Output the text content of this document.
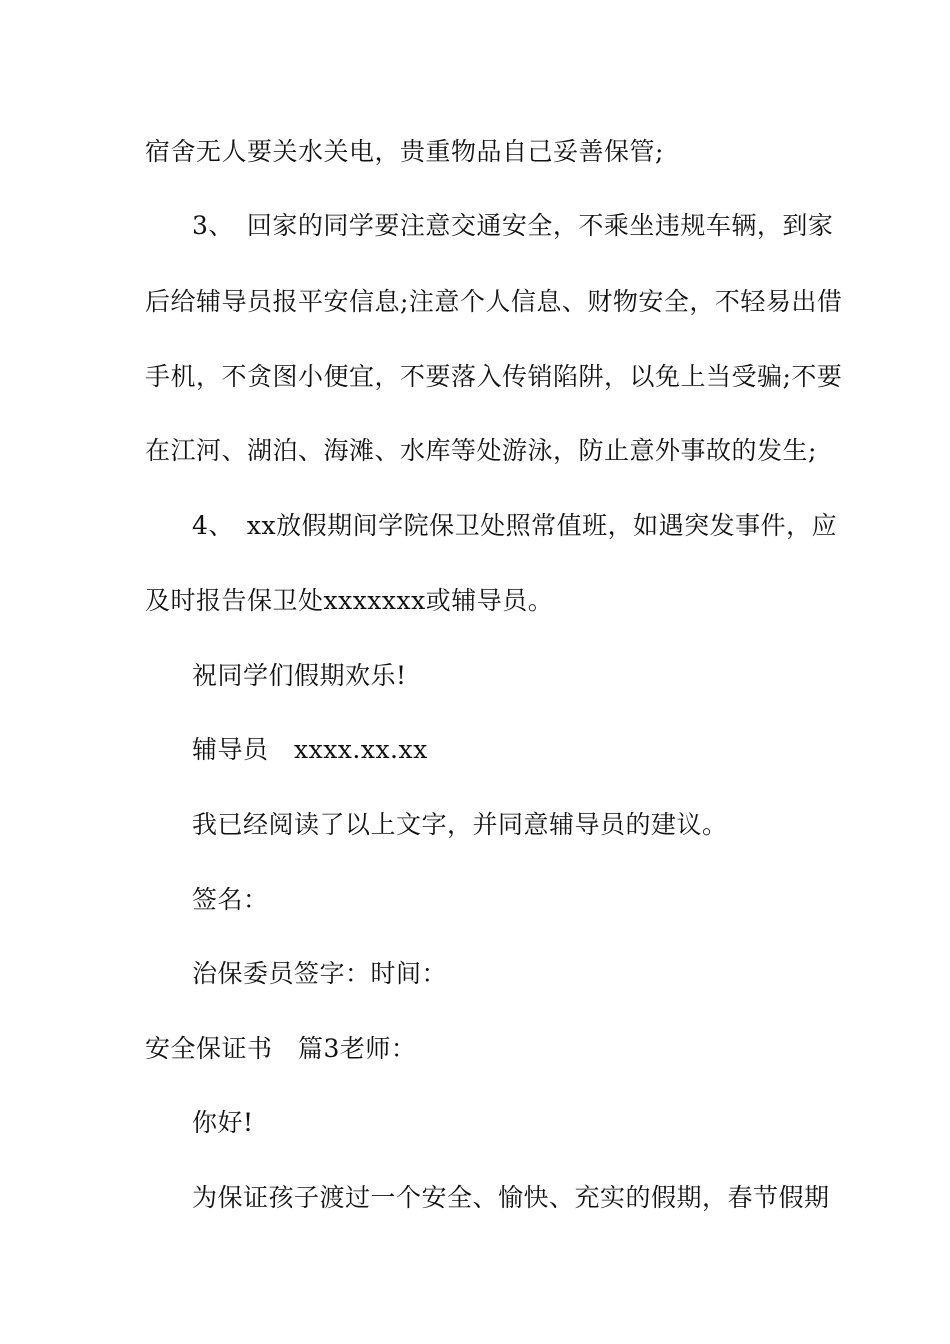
宿舍无人要关水关电，贵重物品自己妥善保管;
3、　回家的同学要注意交通安全，不乘坐违规车辆，到家
后给辅导员报平安信息;注意个人信息、财物安全，不轻易出借
手机，不贪图小便宜，不要落入传销陷阱，以免上当受骗;不要
在江河、湖泊、海滩、水库等处游泳，防止意外事故的发生;
4、　xx放假期间学院保卫处照常值班，如遇突发事件，应
及时报告保卫处xxxxxxx或辅导员。
祝同学们假期欢乐!
辅导员　xxxx.xx.xx
我已经阅读了以上文字，并同意辅导员的建议。
签名：
治保委员签字：时间：
安全保证书　篇3老师：
你好!
为保证孩子渡过一个安全、愉快、充实的假期，春节假期
